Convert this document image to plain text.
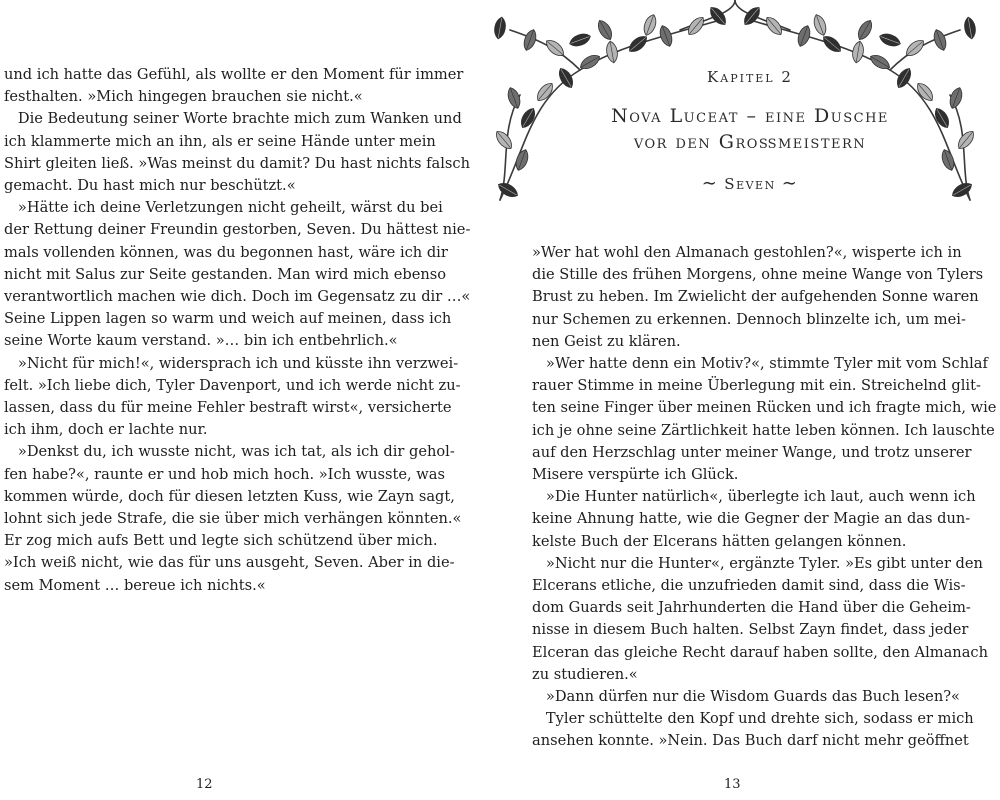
und ich hatte das Gefühl, als wollte er den Moment für immer
festhalten. »Mich hingegen brauchen sie nicht.«
Die Bedeutung seiner Worte brachte mich zum Wanken und
ich klammerte mich an ihn, als er seine Hände unter mein
Shirt gleiten ließ. »Was meinst du damit? Du hast nichts falsch
gemacht. Du hast mich nur beschützt.«
»Hätte ich deine Verletzungen nicht geheilt, wärst du bei
der Rettung deiner Freundin gestorben, Seven. Du hättest nie-
mals vollenden können, was du begonnen hast, wäre ich dir
nicht mit Salus zur Seite gestanden. Man wird mich ebenso
verantwortlich machen wie dich. Doch im Gegensatz zu dir …«
Seine Lippen lagen so warm und weich auf meinen, dass ich
seine Worte kaum verstand. »… bin ich entbehrlich.«
»Nicht für mich!«, widersprach ich und küsste ihn verzwei-
felt. »Ich liebe dich, Tyler Davenport, und ich werde nicht zu-
lassen, dass du für meine Fehler bestraft wirst«, versicherte
ich ihm, doch er lachte nur.
»Denkst du, ich wusste nicht, was ich tat, als ich dir gehol-
fen habe?«, raunte er und hob mich hoch. »Ich wusste, was
kommen würde, doch für diesen letzten Kuss, wie Zayn sagt,
lohnt sich jede Strafe, die sie über mich verhängen könnten.«
Er zog mich aufs Bett und legte sich schützend über mich.
»Ich weiß nicht, wie das für uns ausgeht, Seven. Aber in die-
sem Moment … bereue ich nichts.«

Kapitel 2

Nova Luceat – eine Dusche
vor den Großmeistern

∼ Seven ∼

»Wer hat wohl den Almanach gestohlen?«, wisperte ich in
die Stille des frühen Morgens, ohne meine Wange von Tylers
Brust zu heben. Im Zwielicht der aufgehenden Sonne waren
nur Schemen zu erkennen. Dennoch blinzelte ich, um mei-
nen Geist zu klären.
»Wer hatte denn ein Motiv?«, stimmte Tyler mit vom Schlaf
rauer Stimme in meine Überlegung mit ein. Streichelnd glit-
ten seine Finger über meinen Rücken und ich fragte mich, wie
ich je ohne seine Zärtlichkeit hatte leben können. Ich lauschte
auf den Herzschlag unter meiner Wange, und trotz unserer
Misere verspürte ich Glück.
»Die Hunter natürlich«, überlegte ich laut, auch wenn ich
keine Ahnung hatte, wie die Gegner der Magie an das dun-
kelste Buch der Elcerans hätten gelangen können.
»Nicht nur die Hunter«, ergänzte Tyler. »Es gibt unter den
Elcerans etliche, die unzufrieden damit sind, dass die Wis-
dom Guards seit Jahrhunderten die Hand über die Geheim-
nisse in diesem Buch halten. Selbst Zayn findet, dass jeder
Elceran das gleiche Recht darauf haben sollte, den Almanach
zu studieren.«
»Dann dürfen nur die Wisdom Guards das Buch lesen?«
Tyler schüttelte den Kopf und drehte sich, sodass er mich
ansehen konnte. »Nein. Das Buch darf nicht mehr geöffnet

12	13
